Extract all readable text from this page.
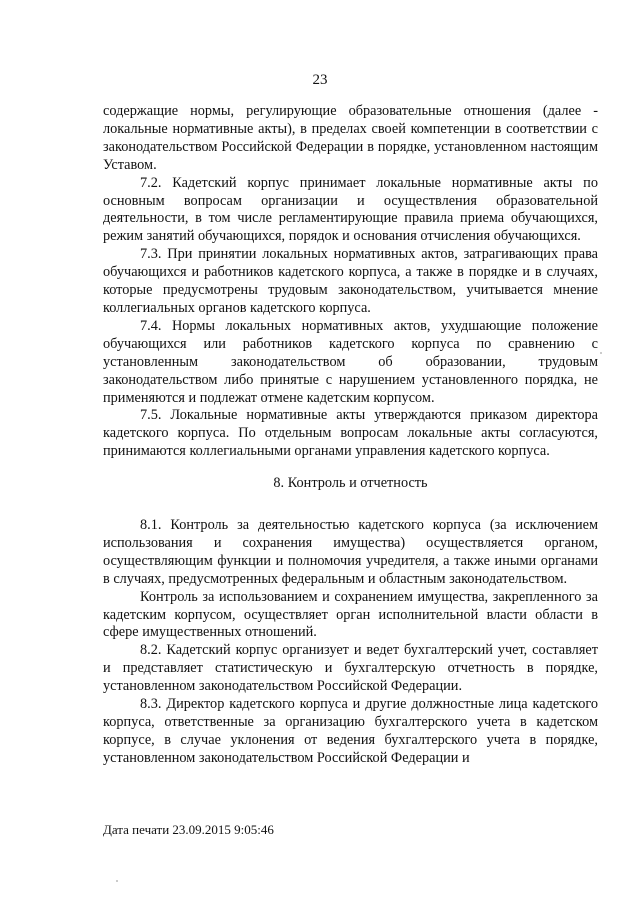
23

содержащие нормы, регулирующие образовательные отношения (далее - локальные нормативные акты), в пределах своей компетенции в соответствии с законодательством Российской Федерации в порядке, установленном настоящим Уставом.

7.2. Кадетский корпус принимает локальные нормативные акты по основным вопросам организации и осуществления образовательной деятельности, в том числе регламентирующие правила приема обучающихся, режим занятий обучающихся, порядок и основания отчисления обучающихся.

7.3. При принятии локальных нормативных актов, затрагивающих права обучающихся и работников кадетского корпуса, а также в порядке и в случаях, которые предусмотрены трудовым законодательством, учитывается мнение коллегиальных органов кадетского корпуса.

7.4. Нормы локальных нормативных актов, ухудшающие положение обучающихся или работников кадетского корпуса по сравнению с установленным законодательством об образовании, трудовым законодательством либо принятые с нарушением установленного порядка, не применяются и подлежат отмене кадетским корпусом.

7.5. Локальные нормативные акты утверждаются приказом директора кадетского корпуса. По отдельным вопросам локальные акты согласуются, принимаются коллегиальными органами управления кадетского корпуса.

8. Контроль и отчетность

8.1. Контроль за деятельностью кадетского корпуса (за исключением использования и сохранения имущества) осуществляется органом, осуществляющим функции и полномочия учредителя, а также иными органами в случаях, предусмотренных федеральным и областным законодательством.

Контроль за использованием и сохранением имущества, закрепленного за кадетским корпусом, осуществляет орган исполнительной власти области в сфере имущественных отношений.

8.2. Кадетский корпус организует и ведет бухгалтерский учет, составляет и представляет статистическую и бухгалтерскую отчетность в порядке, установленном законодательством Российской Федерации.

8.3. Директор кадетского корпуса и другие должностные лица кадетского корпуса, ответственные за организацию бухгалтерского учета в кадетском корпусе, в случае уклонения от ведения бухгалтерского учета в порядке, установленном законодательством Российской Федерации и

Дата печати 23.09.2015 9:05:46
